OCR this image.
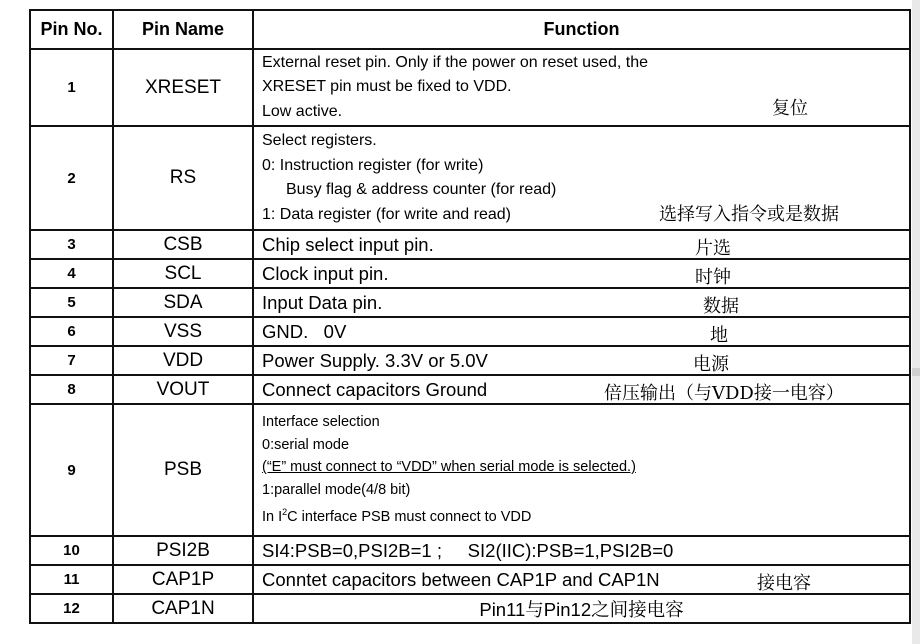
Pin No.	Pin Name	Function
1	XRESET	External reset pin. Only if the power on reset used, the
XRESET pin must be fixed to VDD.
Low active. 复位

2	RS	Select registers.
0: Instruction register (for write)
Busy flag & address counter (for read)
1: Data register (for write and read) 选择写入指令或是数据

3	CSB	Chip select input pin. 片选

4	SCL	Clock input pin. 时钟

5	SDA	Input Data pin. 数据

6	VSS	GND.   0V 地

7	VDD	Power Supply. 3.3V or 5.0V 电源

8	VOUT	Connect capacitors Ground 倍压输出（与VDD接一电容）

9	PSB	Interface selection
0:serial mode
(“E” must connect to “VDD” when serial mode is selected.)
1:parallel mode(4/8 bit)
In $I^2C$ interface PSB must connect to VDD

10	PSI2B	SI4:PSB=0,PSI2B=1 ;     SI2(IIC):PSB=1,PSI2B=0
11	CAP1P	Conntet capacitors between CAP1P and CAP1N 接电容

12	CAP1N	Pin11与Pin12之间接电容
